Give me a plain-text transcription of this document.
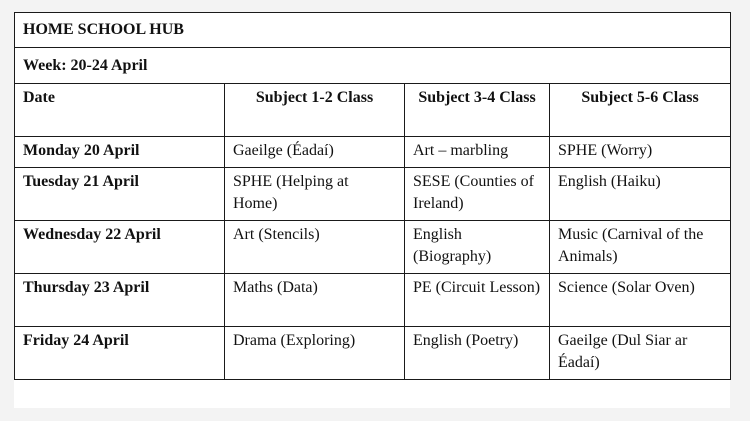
HOME SCHOOL HUB			
Week: 20-24 April			
Date	Subject 1-2 Class	Subject 3-4 Class	Subject 5-6 Class
Monday 20 April	Gaeilge (Éadaí)	Art – marbling	SPHE (Worry)
Tuesday 21 April	SPHE (Helping at Home)	SESE (Counties of Ireland)	English (Haiku)
Wednesday 22 April	Art (Stencils)	English (Biography)	Music (Carnival of the Animals)
Thursday 23 April	Maths (Data)	PE (Circuit Lesson)	Science (Solar Oven)
Friday 24 April	Drama (Exploring)	English (Poetry)	Gaeilge (Dul Siar ar Éadaí)
